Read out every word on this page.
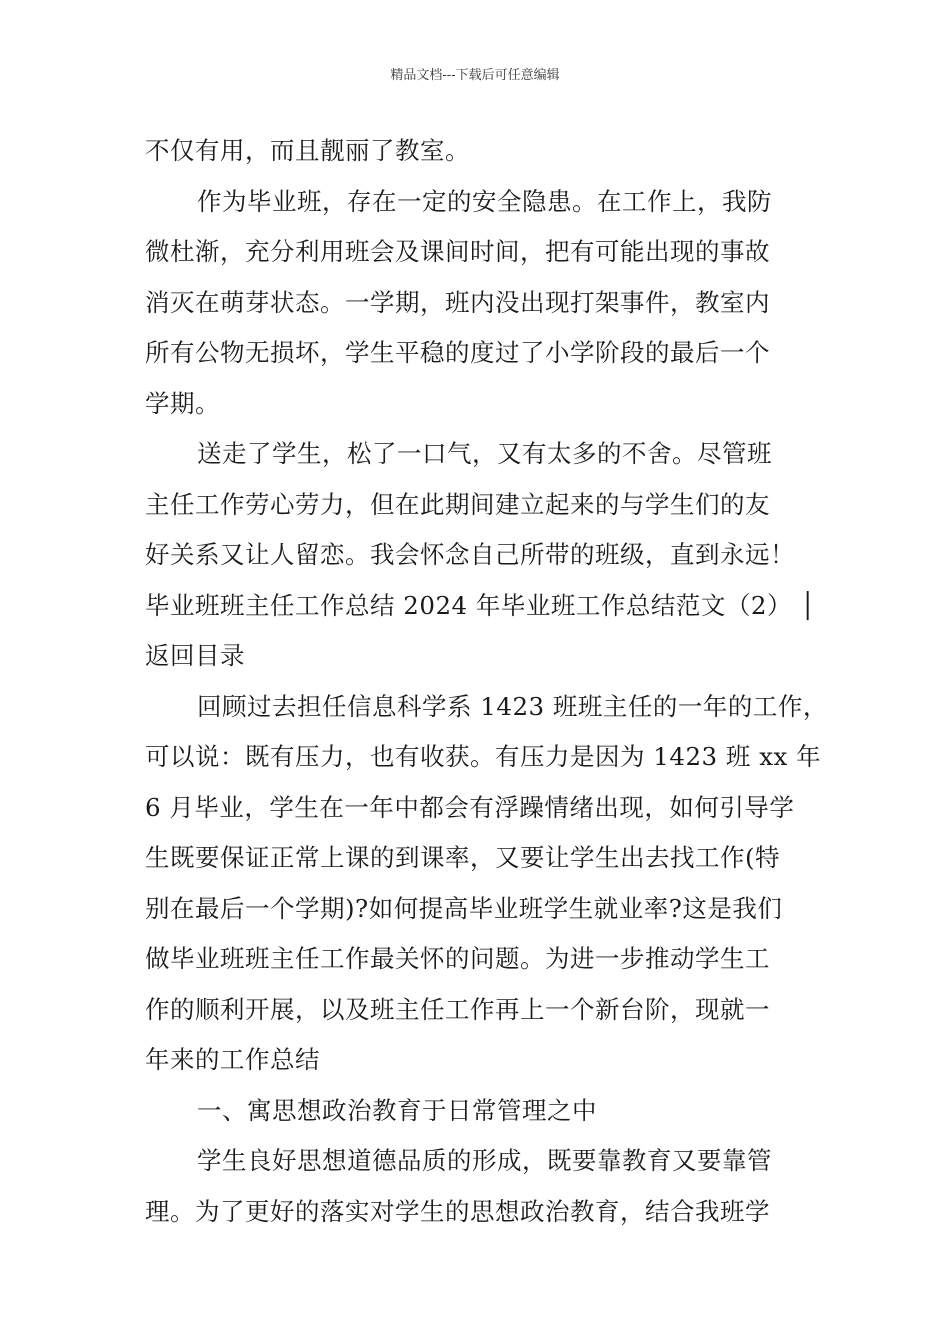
精品文档---下载后可任意编辑
不仅有用，而且靓丽了教室。
作为毕业班，存在一定的安全隐患。在工作上，我防
微杜渐，充分利用班会及课间时间，把有可能出现的事故
消灭在萌芽状态。一学期，班内没出现打架事件，教室内
所有公物无损坏，学生平稳的度过了小学阶段的最后一个
学期。
送走了学生，松了一口气，又有太多的不舍。尽管班
主任工作劳心劳力，但在此期间建立起来的与学生们的友
好关系又让人留恋。我会怀念自己所带的班级，直到永远！
毕业班班主任工作总结 2024 年毕业班工作总结范文（2） │
返回目录
回顾过去担任信息科学系 1423 班班主任的一年的工作，
可以说：既有压力，也有收获。有压力是因为 1423 班 xx 年
6 月毕业，学生在一年中都会有浮躁情绪出现，如何引导学
生既要保证正常上课的到课率，又要让学生出去找工作(特
别在最后一个学期)?如何提高毕业班学生就业率?这是我们
做毕业班班主任工作最关怀的问题。为进一步推动学生工
作的顺利开展，以及班主任工作再上一个新台阶，现就一
年来的工作总结
一、寓思想政治教育于日常管理之中
学生良好思想道德品质的形成，既要靠教育又要靠管
理。为了更好的落实对学生的思想政治教育，结合我班学
